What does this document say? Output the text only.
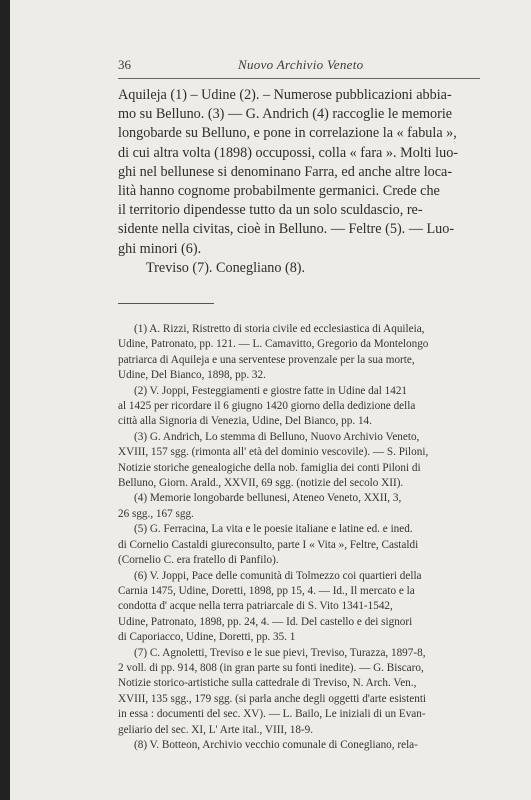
36	Nuovo Archivio Veneto
Aquileja (1) – Udine (2). – Numerose pubblicazioni abbia-
mo su Belluno. (3) — G. Andrich (4) raccoglie le memorie
longobarde su Belluno, e pone in correlazione la « fabula »,
di cui altra volta (1898) occupossi, colla « fara ». Molti luo-
ghi nel bellunese si denominano Farra, ed anche altre loca-
lità hanno cognome probabilmente germanici. Crede che
il territorio dipendesse tutto da un solo sculdascio, re-
sidente nella civitas, cioè in Belluno. — Feltre (5). — Luo-
ghi minori (6).
Treviso (7). Conegliano (8).
(1) A. Rizzi, Ristretto di storia civile ed ecclesiastica di Aquileia,
Udine, Patronato, pp. 121. — L. Camavitto, Gregorio da Montelongo
patriarca di Aquileja e una serventese provenzale per la sua morte,
Udine, Del Bianco, 1898, pp. 32.
(2) V. Joppi, Festeggiamenti e giostre fatte in Udine dal 1421
al 1425 per ricordare il 6 giugno 1420 giorno della dedizione della
città alla Signoria di Venezia, Udine, Del Bianco, pp. 14.
(3) G. Andrich, Lo stemma di Belluno, Nuovo Archivio Veneto,
XVIII, 157 sgg. (rimonta all' età del dominio vescovile). — S. Piloni,
Notizie storiche genealogiche della nob. famiglia dei conti Piloni di
Belluno, Giorn. Arald., XXVII, 69 sgg. (notizie del secolo XII).
(4) Memorie longobarde bellunesi, Ateneo Veneto, XXII, 3,
26 sgg., 167 sgg.
(5) G. Ferracina, La vita e le poesie italiane e latine ed. e ined.
di Cornelio Castaldi giureconsulto, parte I « Vita », Feltre, Castaldi
(Cornelio C. era fratello di Panfilo).
(6) V. Joppi, Pace delle comunità di Tolmezzo coi quartieri della
Carnia 1475, Udine, Doretti, 1898, pp 15, 4. — Id., Il mercato e la
condotta d' acque nella terra patriarcale di S. Vito 1341-1542,
Udine, Patronato, 1898, pp. 24, 4. — Id. Del castello e dei signori
di Caporiacco, Udine, Doretti, pp. 35. 1
(7) C. Agnoletti, Treviso e le sue pievi, Treviso, Turazza, 1897-8,
2 voll. di pp. 914, 808 (in gran parte su fonti inedite). — G. Biscaro,
Notizie storico-artistiche sulla cattedrale di Treviso, N. Arch. Ven.,
XVIII, 135 sgg., 179 sgg. (si parla anche degli oggetti d'arte esistenti
in essa : documenti del sec. XV). — L. Bailo, Le iniziali di un Evan-
geliario del sec. XI, L' Arte ital., VIII, 18-9.
(8) V. Botteon, Archivio vecchio comunale di Conegliano, rela-
